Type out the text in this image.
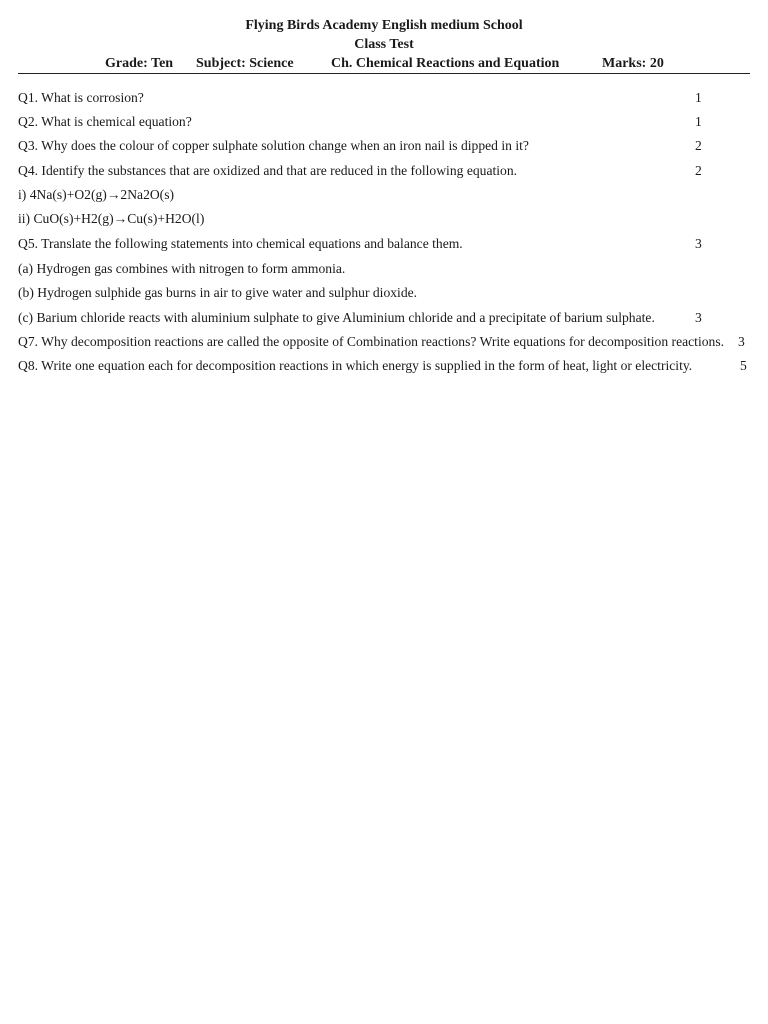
Flying Birds Academy English medium School
Class Test
Grade: Ten Subject: Science	Ch. Chemical Reactions and Equation	Marks: 20
Q1. What is corrosion?	1
Q2. What is chemical equation?	1
Q3. Why does the colour of copper sulphate solution change when an iron nail is dipped in it?	2
Q4. Identify the substances that are oxidized and that are reduced in the following equation.	2
i) 4Na(s)+O2(g)→2Na2O(s)
ii) CuO(s)+H2(g)→Cu(s)+H2O(l)
Q5. Translate the following statements into chemical equations and balance them.	3
(a) Hydrogen gas combines with nitrogen to form ammonia.
(b) Hydrogen sulphide gas burns in air to give water and sulphur dioxide.
(c) Barium chloride reacts with aluminium sulphate to give Aluminium chloride and a precipitate of barium sulphate.	3
Q7. Why decomposition reactions are called the opposite of Combination reactions? Write equations for decomposition reactions. 3
Q8. Write one equation each for decomposition reactions in which energy is supplied in the form of heat, light or electricity.	5
